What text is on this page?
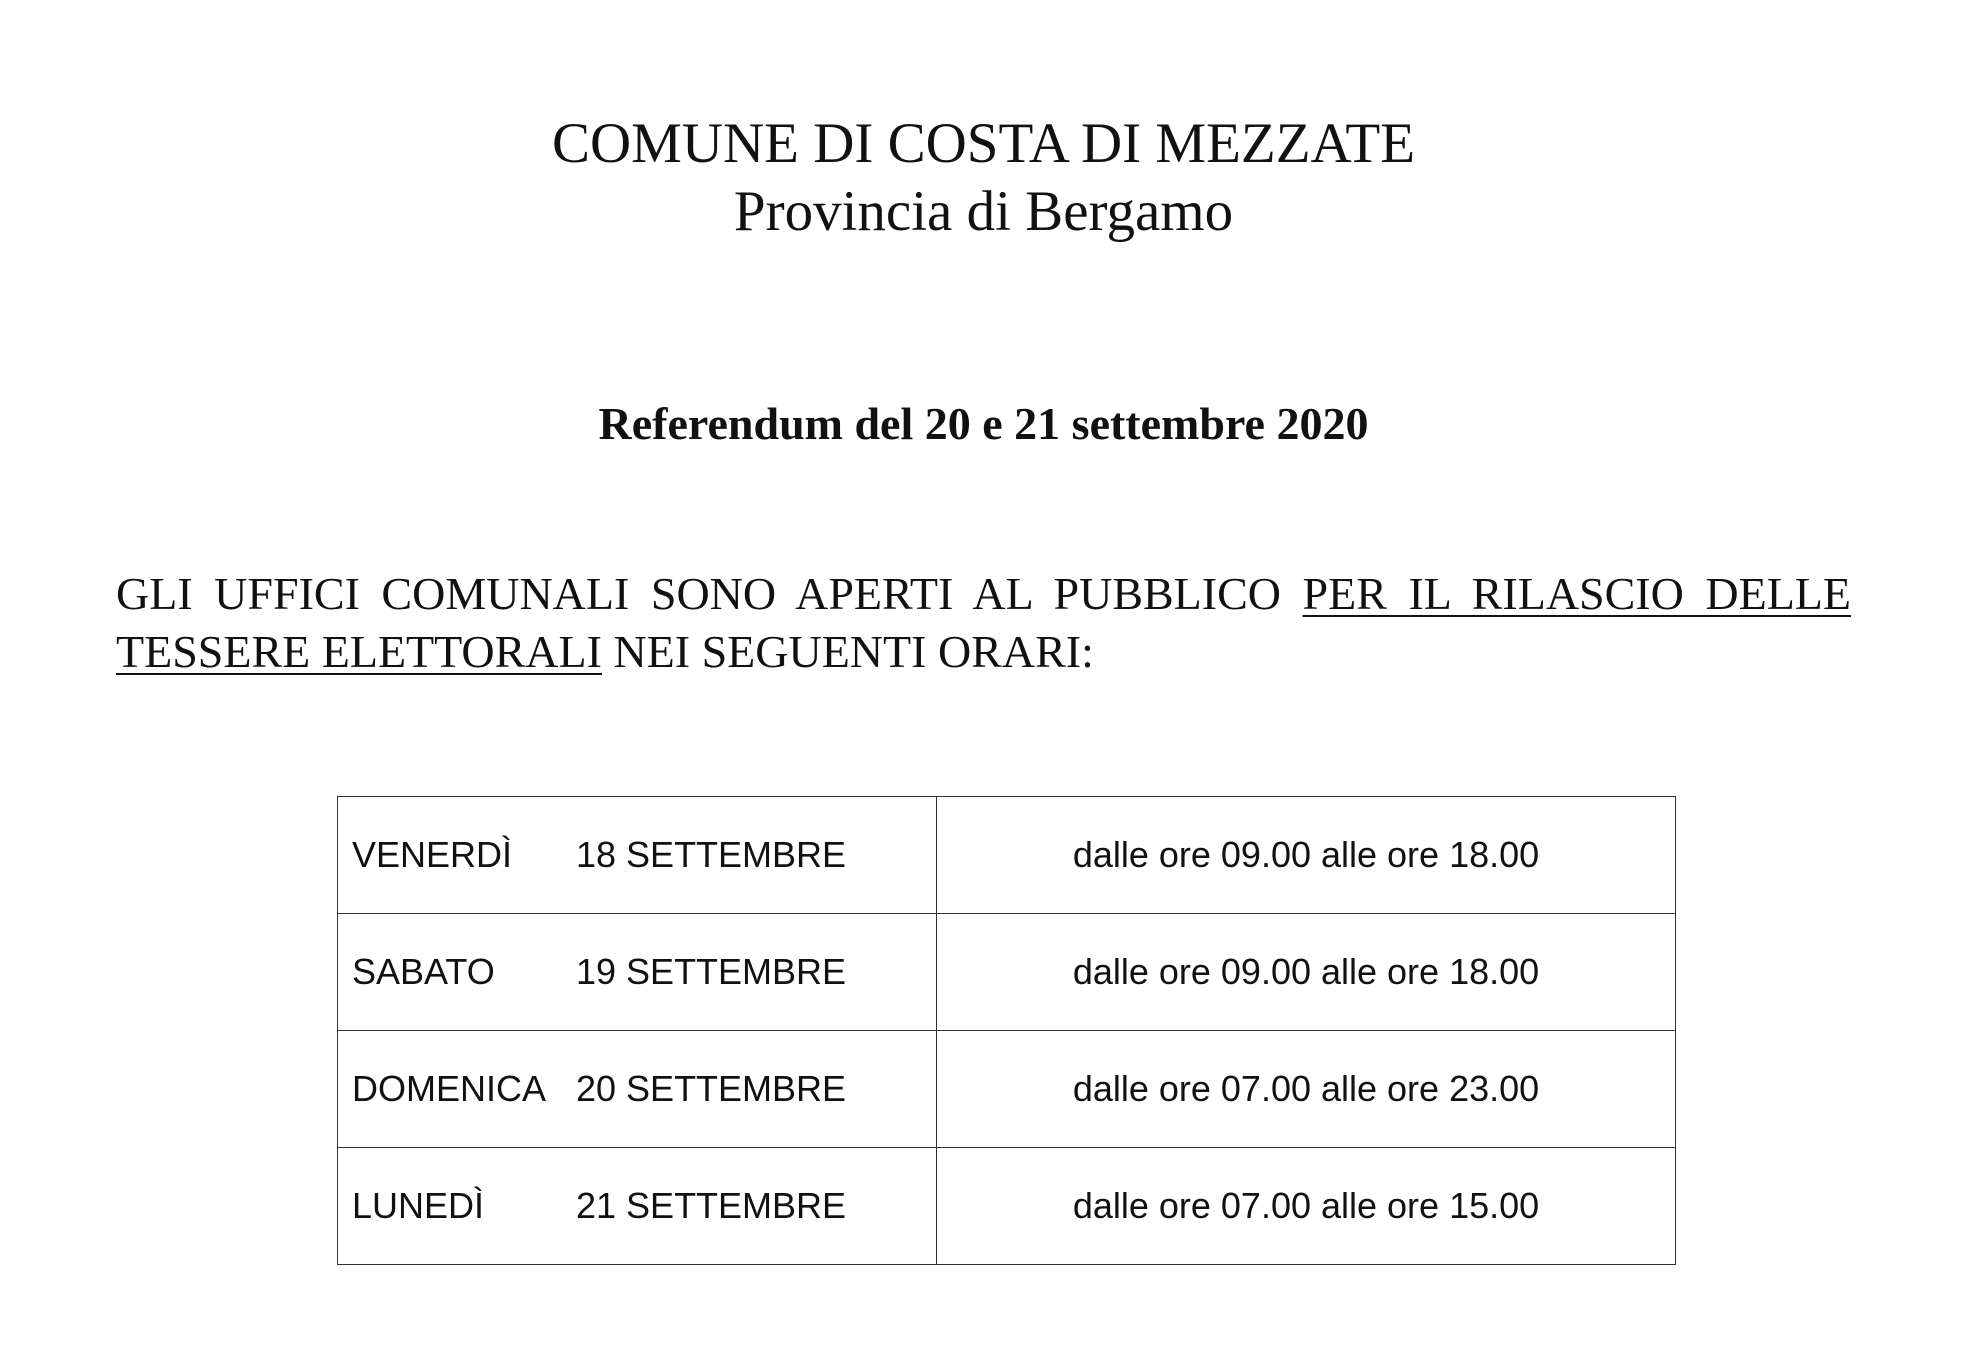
COMUNE DI COSTA DI MEZZATE
Provincia di Bergamo
Referendum del 20 e 21 settembre 2020
GLI UFFICI COMUNALI SONO APERTI AL PUBBLICO PER IL RILASCIO DELLE TESSERE ELETTORALI NEI SEGUENTI ORARI:
VENERDÌ 18 SETTEMBRE	dalle ore 09.00 alle ore 18.00
SABATO 19 SETTEMBRE	dalle ore 09.00 alle ore 18.00
DOMENICA 20 SETTEMBRE	dalle ore 07.00 alle ore 23.00
LUNEDÌ 21 SETTEMBRE	dalle ore 07.00 alle ore 15.00
